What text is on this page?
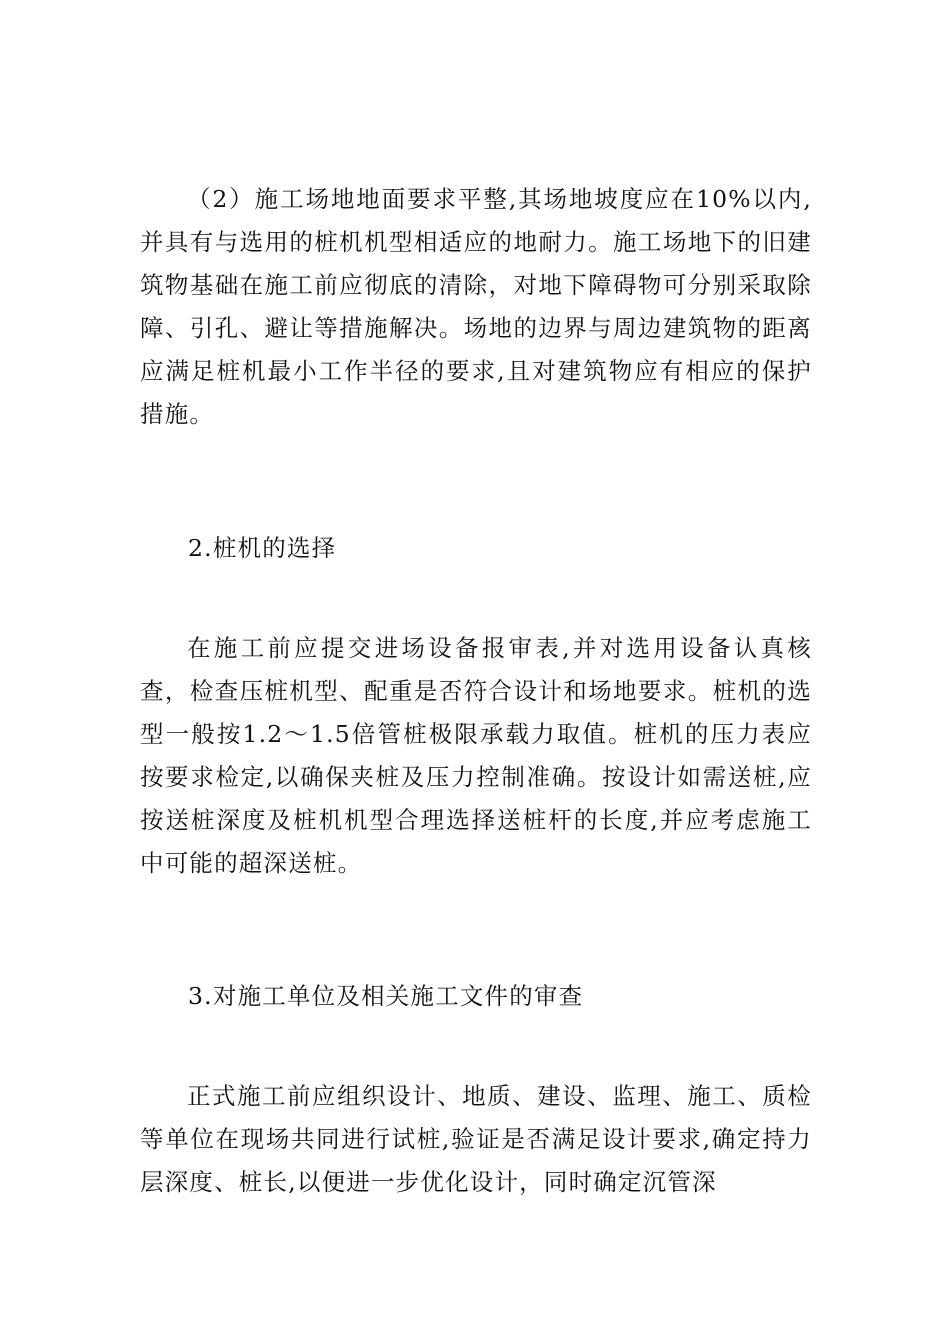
（2）施工场地地面要求平整,其场地坡度应在10%以内,并具有与选用的桩机机型相适应的地耐力。施工场地下的旧建筑物基础在施工前应彻底的清除，对地下障碍物可分别采取除障、引孔、避让等措施解决。场地的边界与周边建筑物的距离应满足桩机最小工作半径的要求,且对建筑物应有相应的保护措施。

2.桩机的选择

在施工前应提交进场设备报审表,并对选用设备认真核查，检查压桩机型、配重是否符合设计和场地要求。桩机的选型一般按1.2～1.5倍管桩极限承载力取值。桩机的压力表应按要求检定,以确保夹桩及压力控制准确。按设计如需送桩,应按送桩深度及桩机机型合理选择送桩杆的长度,并应考虑施工中可能的超深送桩。

3.对施工单位及相关施工文件的审查

正式施工前应组织设计、地质、建设、监理、施工、质检等单位在现场共同进行试桩,验证是否满足设计要求,确定持力层深度、桩长,以便进一步优化设计，同时确定沉管深
